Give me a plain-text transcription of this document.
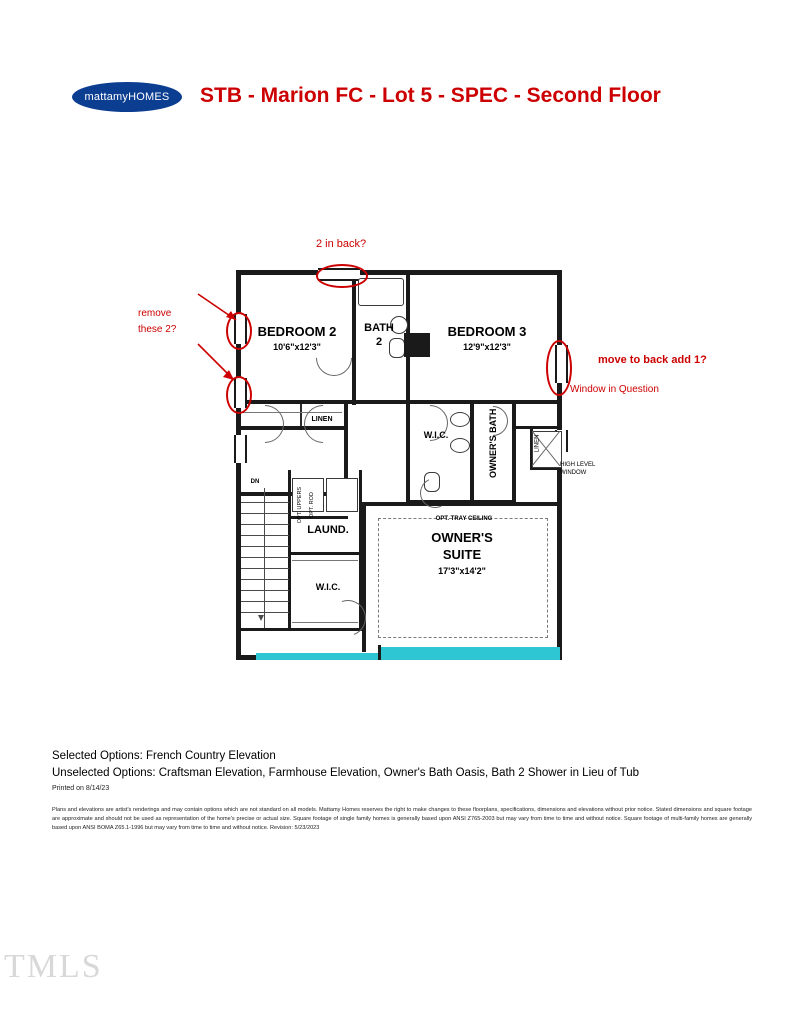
mattamyHOMES	STB - Marion FC - Lot 5 - SPEC - Second Floor
DN
BEDROOM 2
10'6"x12'3"
BATH
2
BEDROOM 3
12'9"x12'3"
LINEN
W.I.C.	OWNER'S BATH	LINEN
HIGH LEVEL WINDOW
LAUND.
W.I.C.
OPT. UPPERS OPT. ROD
OPT. TRAY CEILING
OWNER'S
SUITE
17'3"x14'2"
2 in back?
remove
these 2?
move to back add 1?
Window in Question
Selected Options: French Country Elevation
Unselected Options: Craftsman Elevation, Farmhouse Elevation, Owner's Bath Oasis, Bath 2 Shower in Lieu of Tub
Printed on 8/14/23
Plans and elevations are artist's renderings and may contain options which are not standard on all models. Mattamy Homes reserves the right to make changes to these floorplans, specifications, dimensions and elevations without prior notice. Stated dimensions and square footage are approximate and should not be used as representation of the home's precise or actual size. Square footage of single family homes is generally based upon ANSI Z765-2003 but may vary from time to time and without notice. Square footage of multi-family homes are generally based upon ANSI BOMA Z65.1-1996 but may vary from time to time and without notice. Revision: 5/23/2023
TMLS
